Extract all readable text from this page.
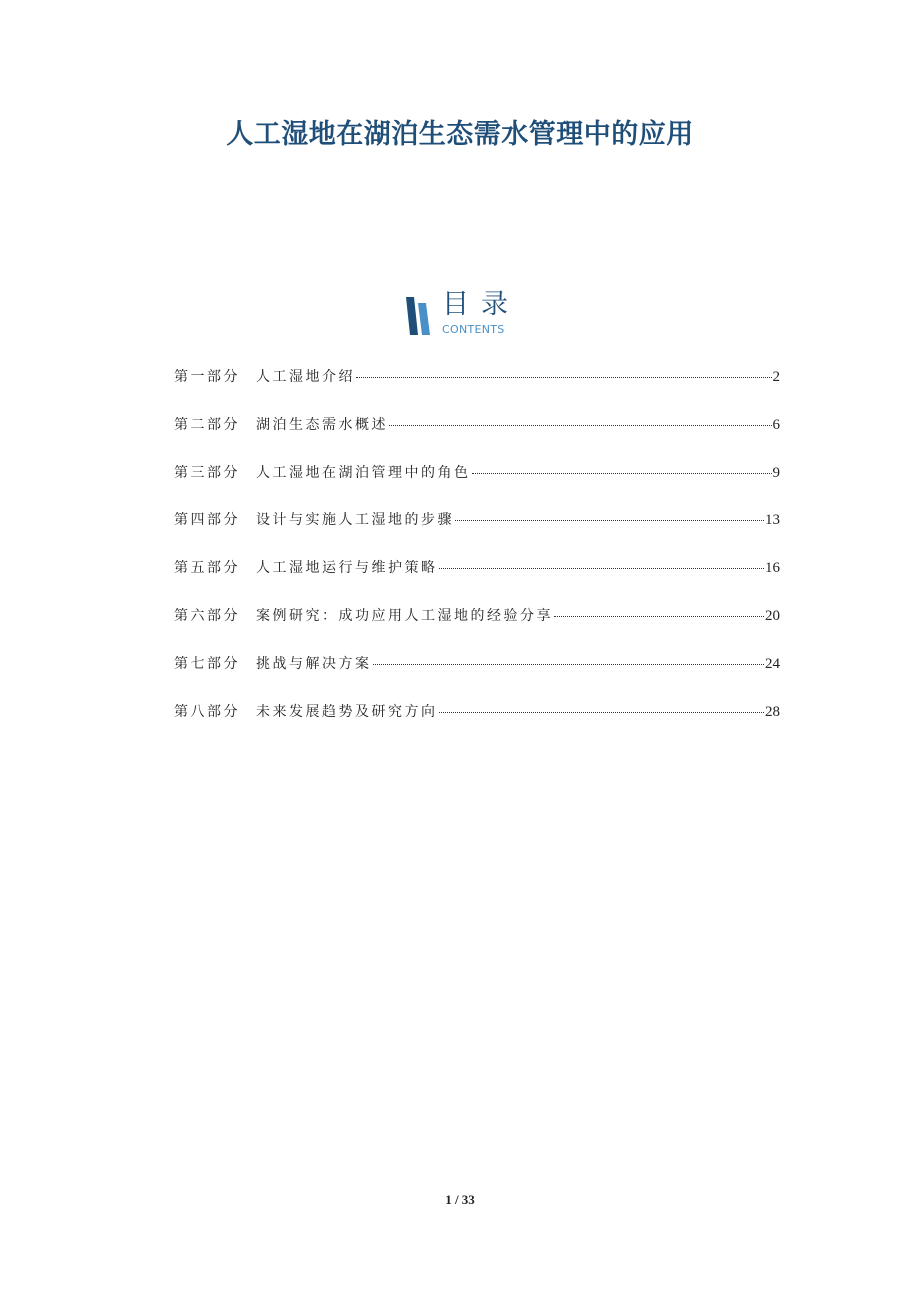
人工湿地在湖泊生态需水管理中的应用
目录
CONTENTS
第一部分	人工湿地介绍	2
第二部分	湖泊生态需水概述	6
第三部分	人工湿地在湖泊管理中的角色	9
第四部分	设计与实施人工湿地的步骤	13
第五部分	人工湿地运行与维护策略	16
第六部分	案例研究：成功应用人工湿地的经验分享	20
第七部分	挑战与解决方案	24
第八部分	未来发展趋势及研究方向	28
1 / 33
